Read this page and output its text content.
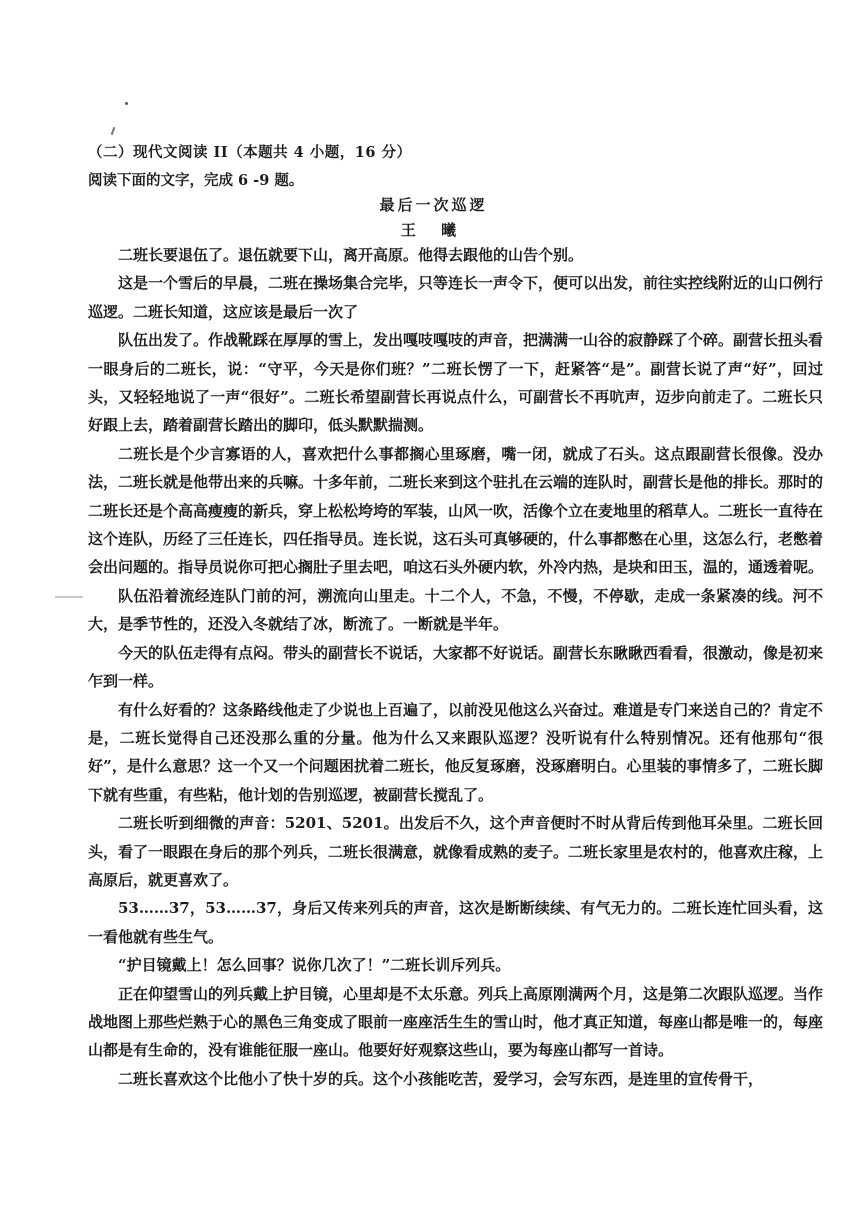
（二）现代文阅读 II（本题共 4 小题，16 分）
阅读下面的文字，完成 6 -9 题。
最后一次巡逻
王 曦

二班长要退伍了。退伍就要下山，离开高原。他得去跟他的山告个别。

这是一个雪后的早晨，二班在操场集合完毕，只等连长一声令下，便可以出发，前往实控线附近的山口例行巡逻。二班长知道，这应该是最后一次了

队伍出发了。作战靴踩在厚厚的雪上，发出嘎吱嘎吱的声音，把满满一山谷的寂静踩了个碎。副营长扭头看一眼身后的二班长，说：“守平，今天是你们班？”二班长愣了一下，赶紧答“是”。副营长说了声“好”，回过头，又轻轻地说了一声“很好”。二班长希望副营长再说点什么，可副营长不再吭声，迈步向前走了。二班长只好跟上去，踏着副营长踏出的脚印，低头默默揣测。

二班长是个少言寡语的人，喜欢把什么事都搁心里琢磨，嘴一闭，就成了石头。这点跟副营长很像。没办法，二班长就是他带出来的兵嘛。十多年前，二班长来到这个驻扎在云端的连队时，副营长是他的排长。那时的二班长还是个高高瘦瘦的新兵，穿上松松垮垮的军装，山风一吹，活像个立在麦地里的稻草人。二班长一直待在这个连队，历经了三任连长，四任指导员。连长说，这石头可真够硬的，什么事都憋在心里，这怎么行，老憋着会出问题的。指导员说你可把心搁肚子里去吧，咱这石头外硬内软，外冷内热，是块和田玉，温的，通透着呢。

队伍沿着流经连队门前的河，溯流向山里走。十二个人，不急，不慢，不停歇，走成一条紧凑的线。河不大，是季节性的，还没入冬就结了冰，断流了。一断就是半年。

今天的队伍走得有点闷。带头的副营长不说话，大家都不好说话。副营长东瞅瞅西看看，很激动，像是初来乍到一样。

有什么好看的？这条路线他走了少说也上百遍了，以前没见他这么兴奋过。难道是专门来送自己的？肯定不是，二班长觉得自己还没那么重的分量。他为什么又来跟队巡逻？没听说有什么特别情况。还有他那句“很好”，是什么意思？这一个又一个问题困扰着二班长，他反复琢磨，没琢磨明白。心里装的事情多了，二班长脚下就有些重，有些粘，他计划的告别巡逻，被副营长搅乱了。

二班长听到细微的声音：5201、5201。出发后不久，这个声音便时不时从背后传到他耳朵里。二班长回头，看了一眼跟在身后的那个列兵，二班长很满意，就像看成熟的麦子。二班长家里是农村的，他喜欢庄稼，上高原后，就更喜欢了。

53……37，53……37，身后又传来列兵的声音，这次是断断续续、有气无力的。二班长连忙回头看，这一看他就有些生气。

“护目镜戴上！怎么回事？说你几次了！”二班长训斥列兵。

正在仰望雪山的列兵戴上护目镜，心里却是不太乐意。列兵上高原刚满两个月，这是第二次跟队巡逻。当作战地图上那些烂熟于心的黑色三角变成了眼前一座座活生生的雪山时，他才真正知道，每座山都是唯一的，每座山都是有生命的，没有谁能征服一座山。他要好好观察这些山，要为每座山都写一首诗。

二班长喜欢这个比他小了快十岁的兵。这个小孩能吃苦，爱学习，会写东西，是连里的宣传骨干，
